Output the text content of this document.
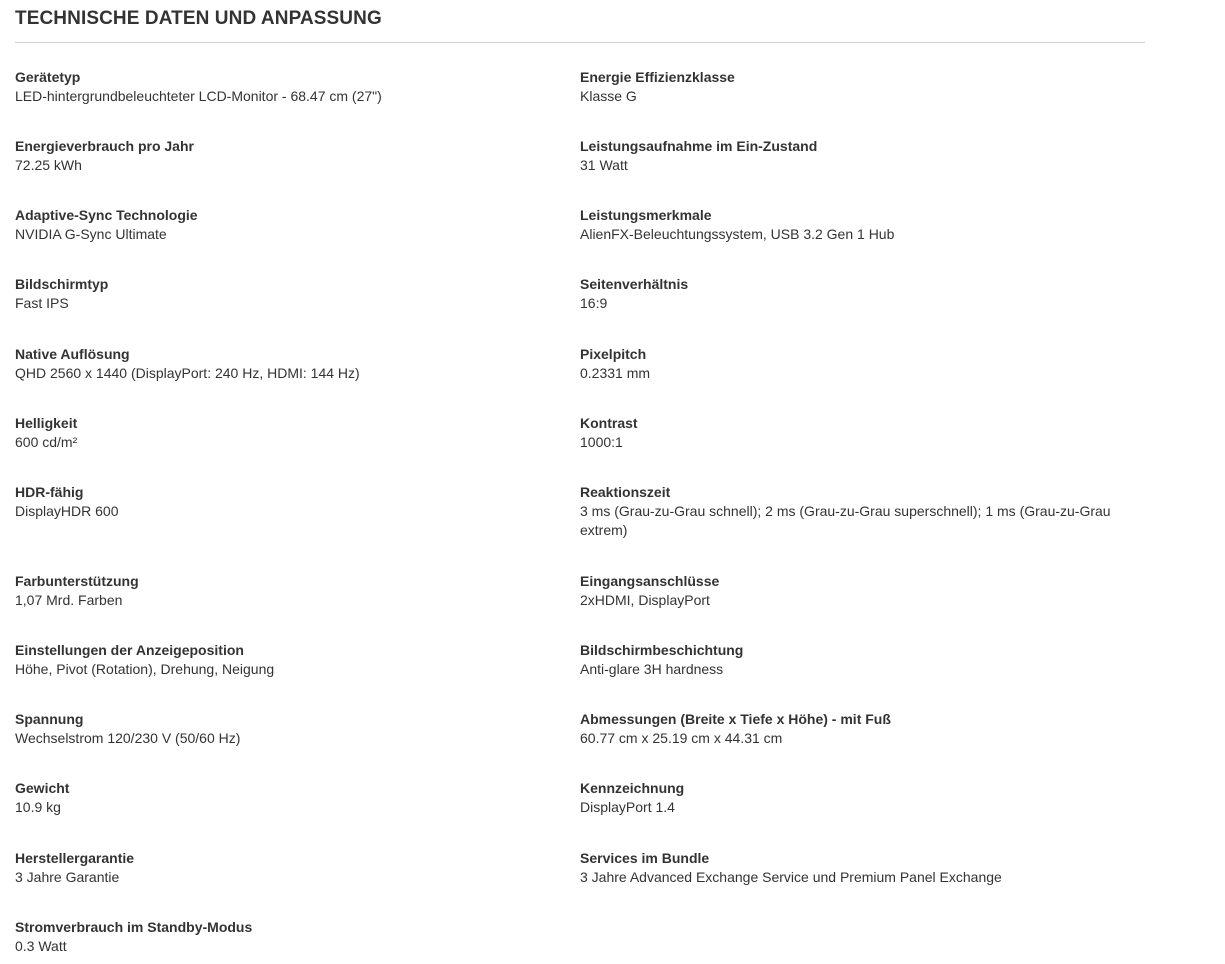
TECHNISCHE DATEN UND ANPASSUNG
Gerätetyp
LED-hintergrundbeleuchteter LCD-Monitor - 68.47 cm (27")
Energie Effizienzklasse
Klasse G
Energieverbrauch pro Jahr
72.25 kWh
Leistungsaufnahme im Ein-Zustand
31 Watt
Adaptive-Sync Technologie
NVIDIA G-Sync Ultimate
Leistungsmerkmale
AlienFX-Beleuchtungssystem, USB 3.2 Gen 1 Hub
Bildschirmtyp
Fast IPS
Seitenverhältnis
16:9
Native Auflösung
QHD 2560 x 1440 (DisplayPort: 240 Hz, HDMI: 144 Hz)
Pixelpitch
0.2331 mm
Helligkeit
600 cd/m²
Kontrast
1000:1
HDR-fähig
DisplayHDR 600
Reaktionszeit
3 ms (Grau-zu-Grau schnell); 2 ms (Grau-zu-Grau superschnell); 1 ms (Grau-zu-Grau extrem)
Farbunterstützung
1,07 Mrd. Farben
Eingangsanschlüsse
2xHDMI, DisplayPort
Einstellungen der Anzeigeposition
Höhe, Pivot (Rotation), Drehung, Neigung
Bildschirmbeschichtung
Anti-glare 3H hardness
Spannung
Wechselstrom 120/230 V (50/60 Hz)
Abmessungen (Breite x Tiefe x Höhe) - mit Fuß
60.77 cm x 25.19 cm x 44.31 cm
Gewicht
10.9 kg
Kennzeichnung
DisplayPort 1.4
Herstellergarantie
3 Jahre Garantie
Services im Bundle
3 Jahre Advanced Exchange Service und Premium Panel Exchange
Stromverbrauch im Standby-Modus
0.3 Watt
